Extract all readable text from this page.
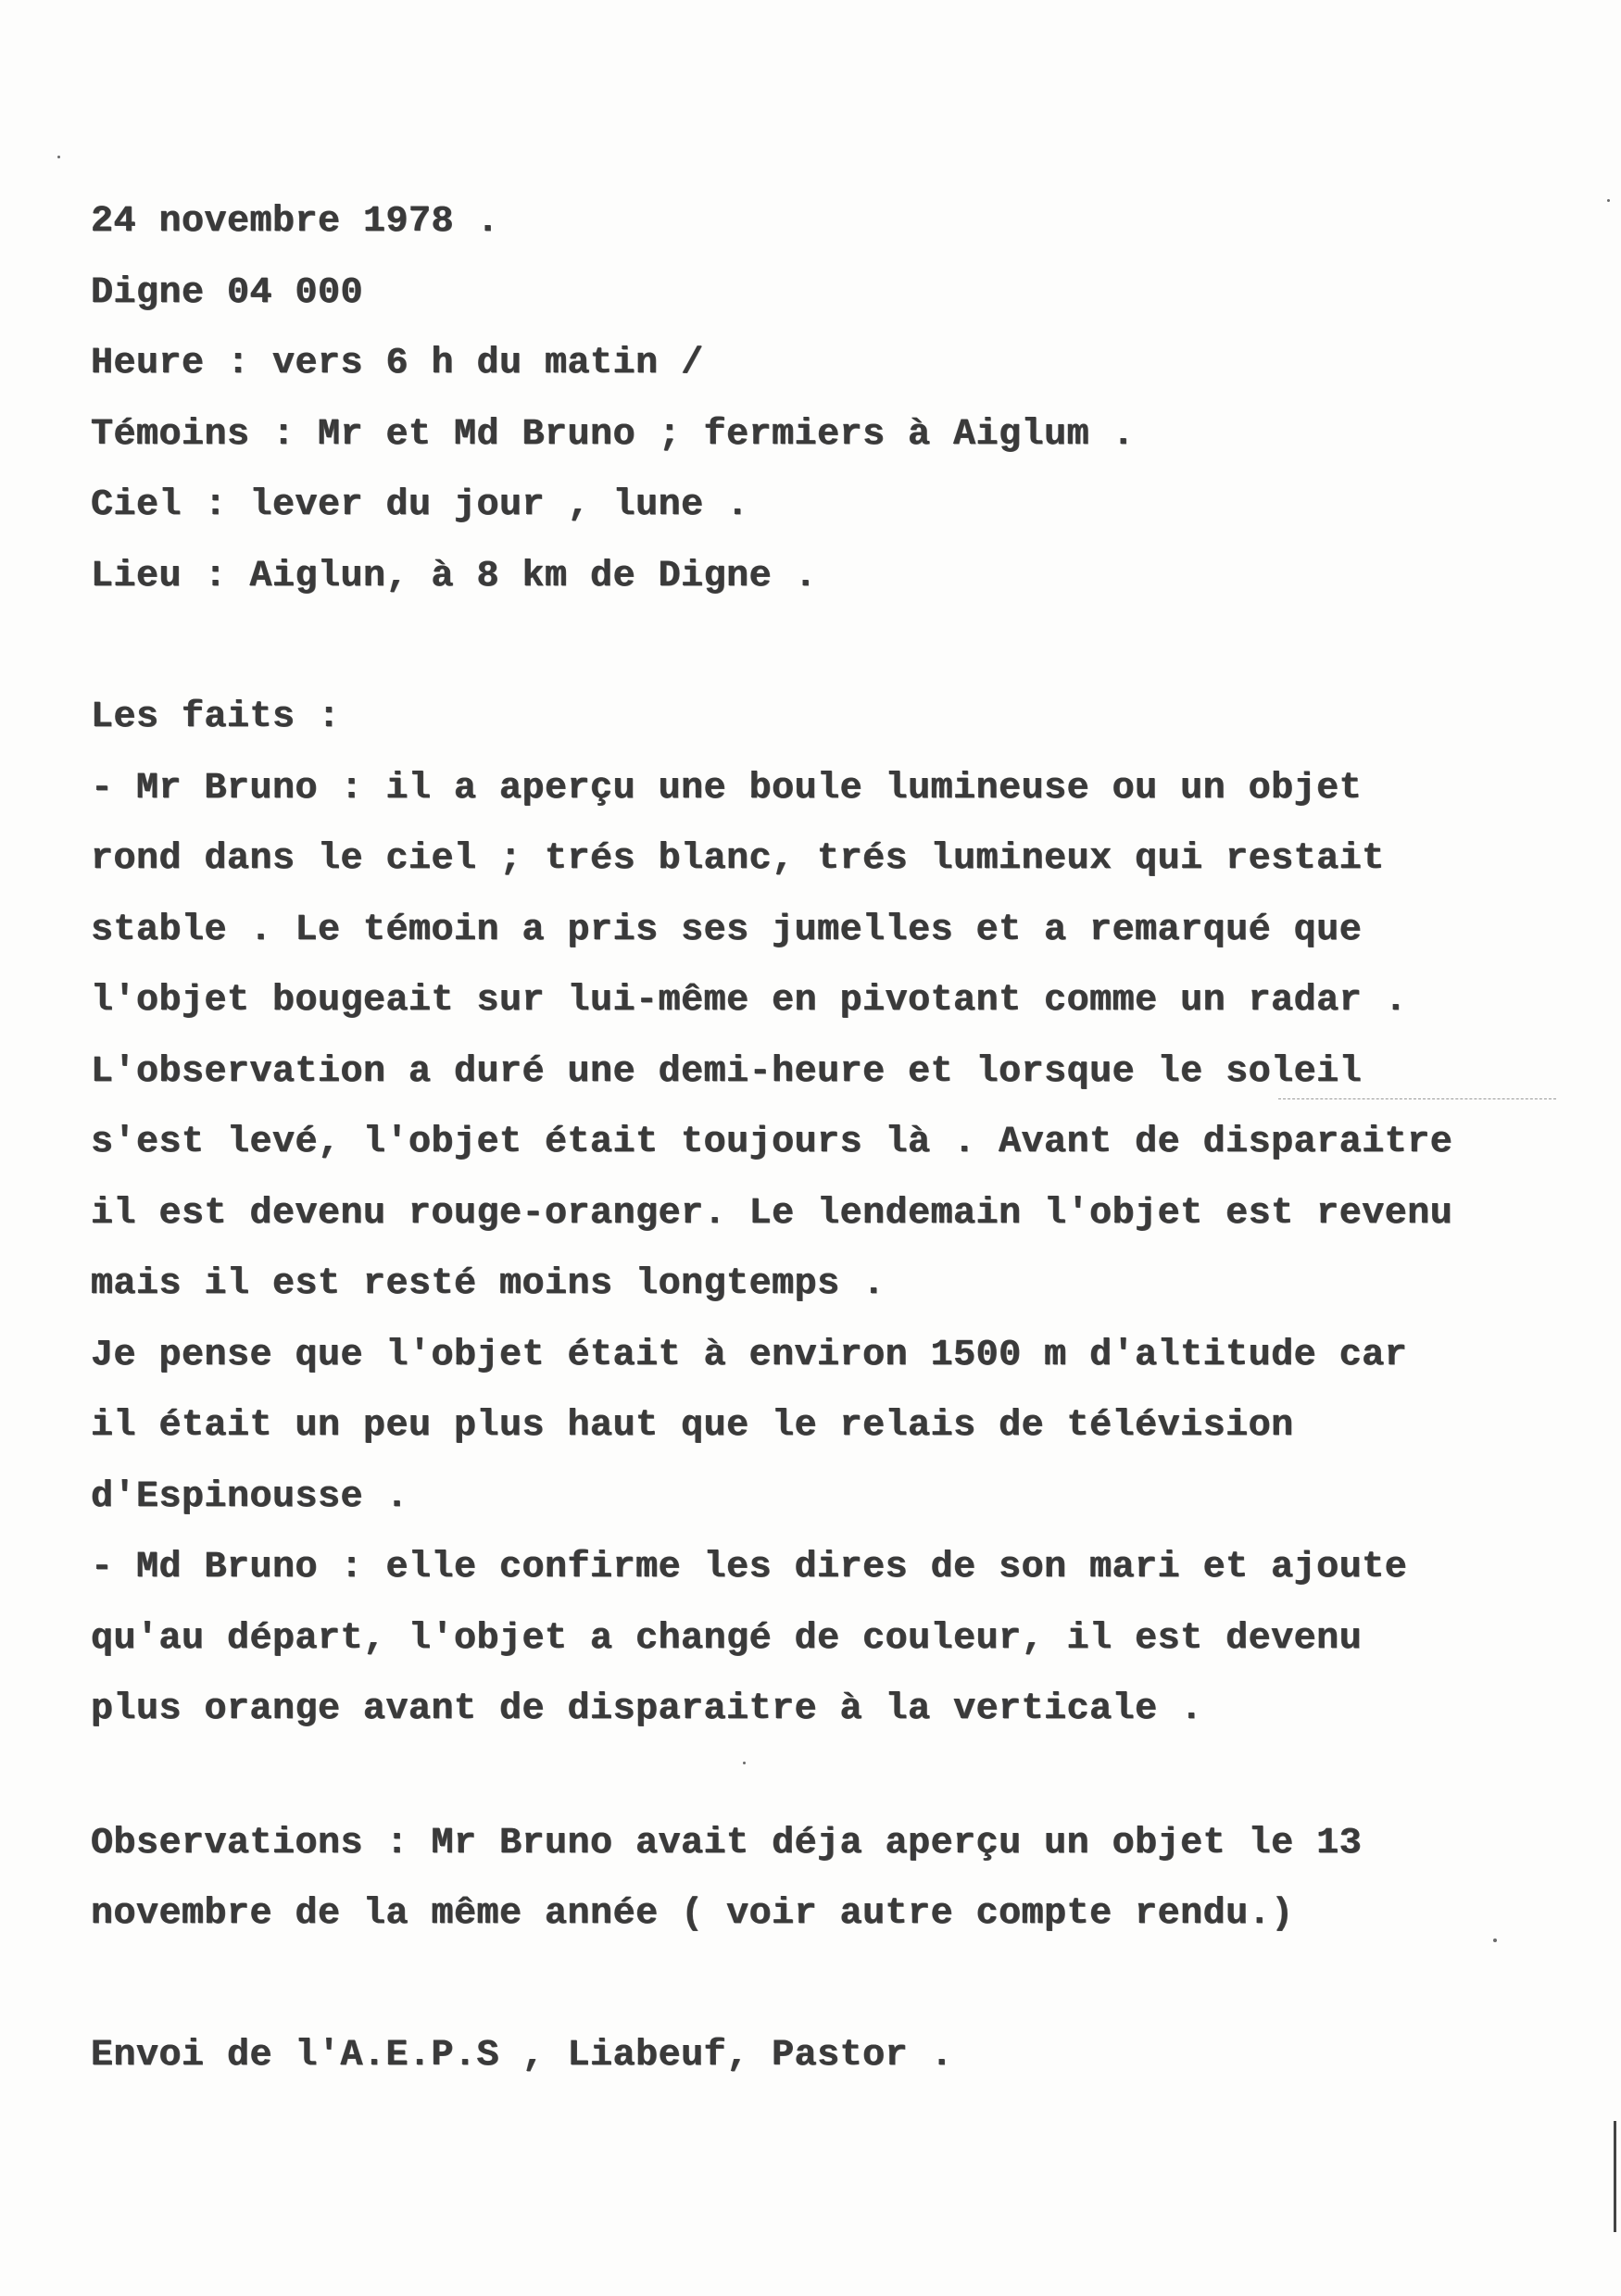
24 novembre 1978 .
Digne 04 000
Heure : vers 6 h du matin /
Témoins : Mr et Md Bruno ; fermiers à Aiglum .
Ciel : lever du jour , lune .
Lieu : Aiglun, à 8 km de Digne .
Les faits :
- Mr Bruno : il a aperçu une boule lumineuse ou un objet
rond dans le ciel ; trés blanc, trés lumineux qui restait
stable . Le témoin a pris ses jumelles et a remarqué que
l'objet bougeait sur lui-même en pivotant comme un radar .
L'observation a duré une demi-heure et lorsque le soleil
s'est levé, l'objet était toujours là . Avant de disparaitre
il est devenu rouge-oranger. Le lendemain l'objet est revenu
mais il est resté moins longtemps .
Je pense que l'objet était à environ 1500 m d'altitude car
il était un peu plus haut que le relais de télévision
d'Espinousse .
- Md Bruno : elle confirme les dires de son mari et ajoute
qu'au départ, l'objet a changé de couleur, il est devenu
plus orange avant de disparaitre à la verticale .
Observations : Mr Bruno avait déja aperçu un objet le 13
novembre de la même année ( voir autre compte rendu.)
Envoi de l'A.E.P.S , Liabeuf, Pastor .
